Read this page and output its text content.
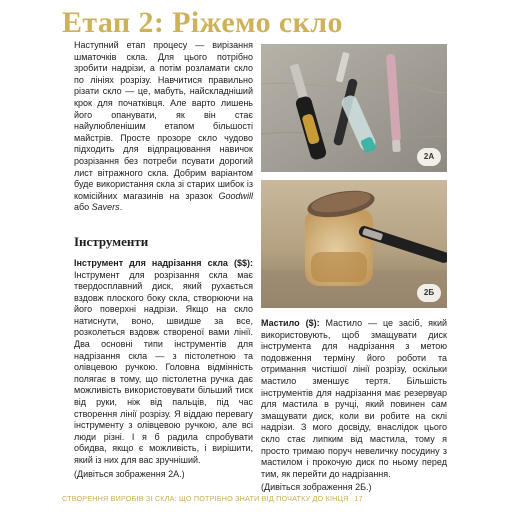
Етап 2: Ріжемо скло

Наступний етап процесу — вирізання шматочків скла. Для цього потрібно зробити надрізи, а потім розламати скло по лініях розрізу. Навчитися правильно різати скло — це, мабуть, найскладніший крок для початківця. Але варто лишень його опанувати, як він стає найулюбленішим етапом більшості майстрів. Просте прозоре скло чудово підходить для відпрацювання навичок розрізання без потреби псувати дорогий лист вітражного скла. Добрим варіантом буде використання скла зі старих шибок із комісійних магазинів на зразок Goodwill або Savers.

Інструменти

Інструмент для надрізання скла ($$): Інструмент для розрізання скла має твердосплавний диск, який рухається вздовж плоского боку скла, створюючи на його поверхні надрізи. Якщо на скло натиснути, воно, швидше за все, розколеться вздовж створеної вами лінії. Два основні типи інструментів для надрізання скла — з пістолетною та олівцевою ручкою. Головна відмінність полягає в тому, що пістолетна ручка дає можливість використовувати більший тиск від руки, ніж від пальців, під час створення лінії розрізу. Я віддаю перевагу інструменту з олівцевою ручкою, але всі люди різні. І я б радила спробувати обидва, якщо є можливість, і вирішити, який із них для вас зручніший.

(Дивіться зображення 2A.)

2A
2Б

Мастило ($): Мастило — це засіб, який використовують, щоб змащувати диск інструмента для надрізання з метою подовження терміну його роботи та отримання чистішої лінії розрізу, оскільки мастило зменшує тертя. Більшість інструментів для надрізання має резервуар для мастила в ручці, який повинен сам змащувати диск, коли ви робите на склі надрізи. З мого досвіду, внаслідок цього скло стає липким від мастила, тому я просто тримаю поруч невеличку посудину з мастилом і прокочую диск по ньому перед тим, як перейти до надрізання.

(Дивіться зображення 2Б.)

СТВОРЕННЯ ВИРОБІВ ЗІ СКЛА: ЩО ПОТРІБНО ЗНАТИ ВІД ПОЧАТКУ ДО КІНЦЯ 17
